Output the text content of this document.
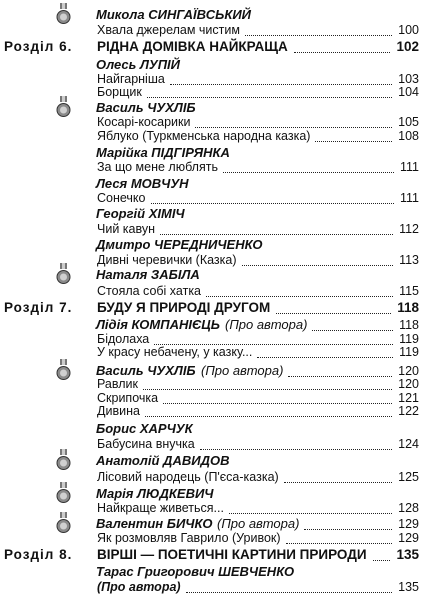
Микола СИНГАЇВСЬКИЙ
Хвала джерелам чистим	100
Розділ 6. РІДНА ДОМІВКА НАЙКРАЩА	102
Олесь ЛУПІЙ
Найгарніша	103
Борщик	104
Василь ЧУХЛІБ
Косарі-косарики	105
Яблуко (Туркменська народна казка)	108
Марійка ПІДГІРЯНКА
За що мене люблять	111
Леся МОВЧУН
Сонечко	111
Георгій ХІМІЧ
Чий кавун	112
Дмитро ЧЕРЕДНИЧЕНКО
Дивні черевички (Казка)	113
Наталя ЗАБІЛА
Стояла собі хатка	115
Розділ 7. БУДУ Я ПРИРОДІ ДРУГОМ	118
Лідія КОМПАНІЄЦЬ (Про автора)	118
Бідолаха	119
У красу небачену, у казку...	119
Василь ЧУХЛІБ (Про автора)	120
Равлик	120
Скрипочка	121
Дивина	122
Борис ХАРЧУК
Бабусина внучка	124
Анатолій ДАВИДОВ
Лісовий народець (П'єса-казка)	125
Марія ЛЮДКЕВИЧ
Найкраще живеться...	128
Валентин БИЧКО (Про автора)	129
Як розмовляв Гаврило (Уривок)	129
Розділ 8. ВІРШІ — ПОЕТИЧНІ КАРТИНИ ПРИРОДИ 135
Тарас Григорович ШЕВЧЕНКО
(Про автора)	135
